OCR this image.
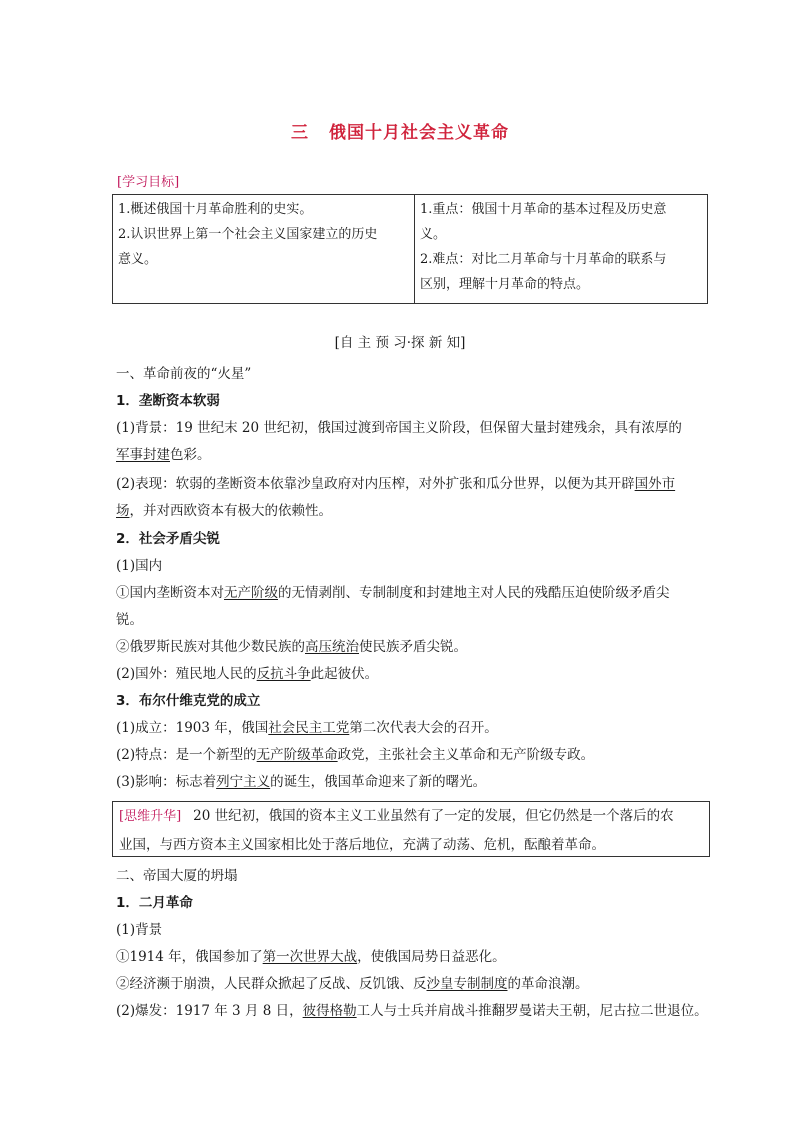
三 俄国十月社会主义革命
[学习目标]
1.概述俄国十月革命胜利的史实。
2.认识世界上第一个社会主义国家建立的历史
意义。

1.重点：俄国十月革命的基本过程及历史意
义。
2.难点：对比二月革命与十月革命的联系与
区别，理解十月革命的特点。
[自 主 预 习·探 新 知]
一、革命前夜的“火星”
1．垄断资本软弱
(1)背景：19 世纪末 20 世纪初，俄国过渡到帝国主义阶段，但保留大量封建残余，具有浓厚的
军事封建色彩。
(2)表现：软弱的垄断资本依靠沙皇政府对内压榨，对外扩张和瓜分世界，以便为其开辟国外市
场，并对西欧资本有极大的依赖性。
2．社会矛盾尖锐
(1)国内
①国内垄断资本对无产阶级的无情剥削、专制制度和封建地主对人民的残酷压迫使阶级矛盾尖
锐。
②俄罗斯民族对其他少数民族的高压统治使民族矛盾尖锐。
(2)国外：殖民地人民的反抗斗争此起彼伏。
3．布尔什维克党的成立
(1)成立：1903 年，俄国社会民主工党第二次代表大会的召开。
(2)特点：是一个新型的无产阶级革命政党，主张社会主义革命和无产阶级专政。
(3)影响：标志着列宁主义的诞生，俄国革命迎来了新的曙光。
[思维升华] 20 世纪初，俄国的资本主义工业虽然有了一定的发展，但它仍然是一个落后的农
业国，与西方资本主义国家相比处于落后地位，充满了动荡、危机，酝酿着革命。
二、帝国大厦的坍塌
1．二月革命
(1)背景
①1914 年，俄国参加了第一次世界大战，使俄国局势日益恶化。
②经济濒于崩溃，人民群众掀起了反战、反饥饿、反沙皇专制制度的革命浪潮。
(2)爆发：1917 年 3 月 8 日，彼得格勒工人与士兵并肩战斗推翻罗曼诺夫王朝，尼古拉二世退位。
